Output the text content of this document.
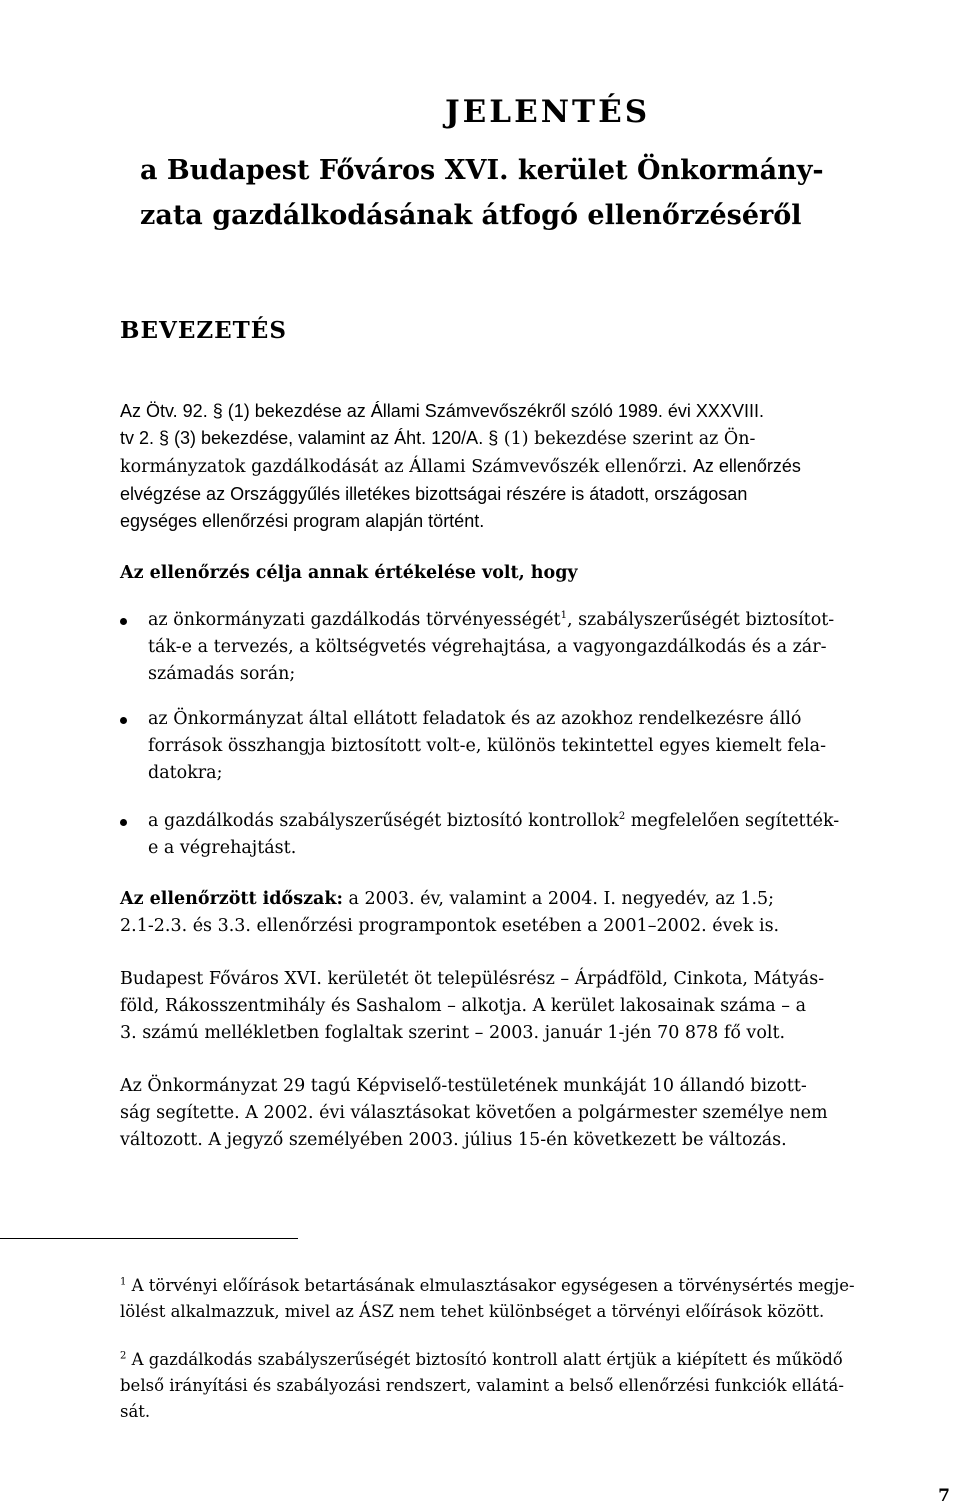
JELENTÉS
a Budapest Főváros XVI. kerület Önkormány-
zata gazdálkodásának átfogó ellenőrzéséről
BEVEZETÉS

Az Ötv. 92. § (1) bekezdése az Állami Számvevőszékről szóló 1989. évi XXXVIII.
tv 2. § (3) bekezdése, valamint az Áht. 120/A. § (1) bekezdése szerint az Ön-
kormányzatok gazdálkodását az Állami Számvevőszék ellenőrzi. Az ellenőrzés
elvégzése az Országgyűlés illetékes bizottságai részére is átadott, országosan
egységes ellenőrzési program alapján történt.

Az ellenőrzés célja annak értékelése volt, hogy

az önkormányzati gazdálkodás törvényességét$^1$, szabályszerűségét biztosítot-
ták-e a tervezés, a költségvetés végrehajtása, a vagyongazdálkodás és a zár-
számadás során;
az Önkormányzat által ellátott feladatok és az azokhoz rendelkezésre álló
források összhangja biztosított volt-e, különös tekintettel egyes kiemelt fela-
datokra;
a gazdálkodás szabályszerűségét biztosító kontrollok$^2$ megfelelően segítették-
e a végrehajtást.

Az ellenőrzött időszak: a 2003. év, valamint a 2004. I. negyedév, az 1.5;
2.1-2.3. és 3.3. ellenőrzési programpontok esetében a 2001–2002. évek is.

Budapest Főváros XVI. kerületét öt településrész – Árpádföld, Cinkota, Mátyás-
föld, Rákosszentmihály és Sashalom – alkotja. A kerület lakosainak száma – a
3. számú mellékletben foglaltak szerint – 2003. január 1-jén 70 878 fő volt.

Az Önkormányzat 29 tagú Képviselő-testületének munkáját 10 állandó bizott-
ság segítette. A 2002. évi választásokat követően a polgármester személye nem
változott. A jegyző személyében 2003. július 15-én következett be változás.

$^1$ A törvényi előírások betartásának elmulasztásakor egységesen a törvénysértés megje-
lölést alkalmazzuk, mivel az ÁSZ nem tehet különbséget a törvényi előírások között.
$^2$ A gazdálkodás szabályszerűségét biztosító kontroll alatt értjük a kiépített és működő
belső irányítási és szabályozási rendszert, valamint a belső ellenőrzési funkciók ellátá-
sát.
7
